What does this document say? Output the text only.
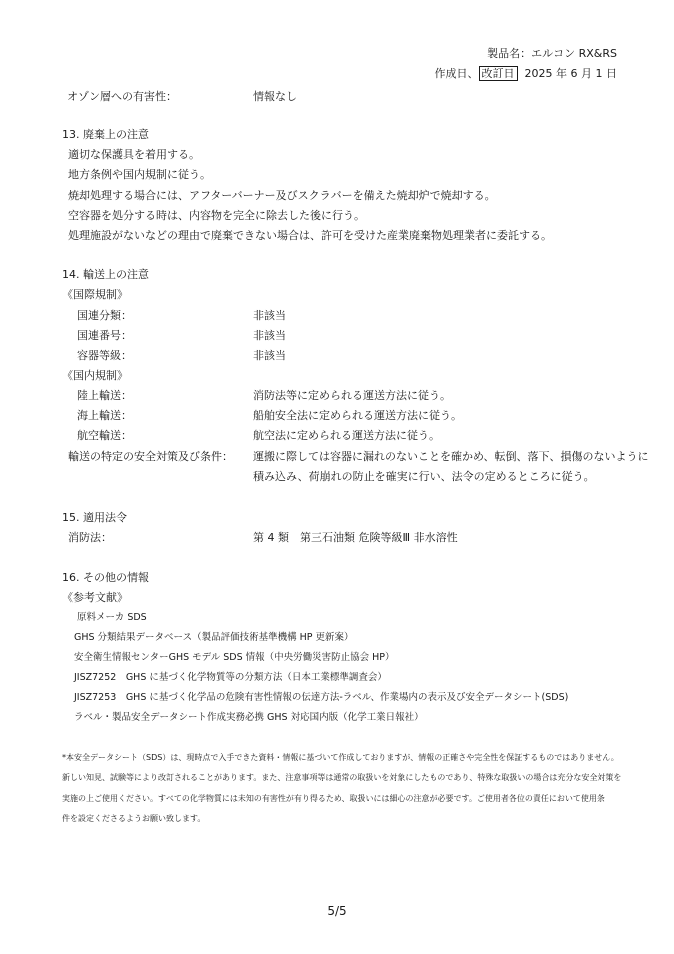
製品名：エルコン RX&RS
作成日、 改訂日 2025 年 6 月 1 日
オゾン層への有害性：	情報なし
13. 廃棄上の注意
適切な保護具を着用する。
地方条例や国内規制に従う。
焼却処理する場合には、アフターバーナー及びスクラバーを備えた焼却炉で焼却する。
空容器を処分する時は、内容物を完全に除去した後に行う。
処理施設がないなどの理由で廃棄できない場合は、許可を受けた産業廃棄物処理業者に委託する。
14. 輸送上の注意
《国際規制》
国連分類：	非該当
国連番号：	非該当
容器等級：	非該当
《国内規制》
陸上輸送：	消防法等に定められる運送方法に従う。
海上輸送：	船舶安全法に定められる運送方法に従う。
航空輸送：	航空法に定められる運送方法に従う。
輸送の特定の安全対策及び条件： 運搬に際しては容器に漏れのないことを確かめ、転倒、落下、損傷のないように
積み込み、荷崩れの防止を確実に行い、法令の定めるところに従う。
15. 適用法令
消防法：	第 4 類　第三石油類 危険等級Ⅲ 非水溶性
16. その他の情報
《参考文献》
原料メーカ SDS
GHS 分類結果データベース（製品評価技術基準機構 HP 更新案）
安全衛生情報センターGHS モデル SDS 情報（中央労働災害防止協会 HP）
JISZ7252　GHS に基づく化学物質等の分類方法（日本工業標準調査会）
JISZ7253　GHS に基づく化学品の危険有害性情報の伝達方法-ラベル、作業場内の表示及び安全データシート(SDS)
ラベル・製品安全データシート作成実務必携 GHS 対応国内版（化学工業日報社）
*本安全データシート（SDS）は、現時点で入手できた資料・情報に基づいて作成しておりますが、情報の正確さや完全性を保証するものではありません。
新しい知見、試験等により改訂されることがあります。また、注意事項等は通常の取扱いを対象にしたものであり、特殊な取扱いの場合は充分な安全対策を
実施の上ご使用ください。すべての化学物質には未知の有害性が有り得るため、取扱いには細心の注意が必要です。ご使用者各位の責任において使用条
件を設定くださるようお願い致します。
5/5
